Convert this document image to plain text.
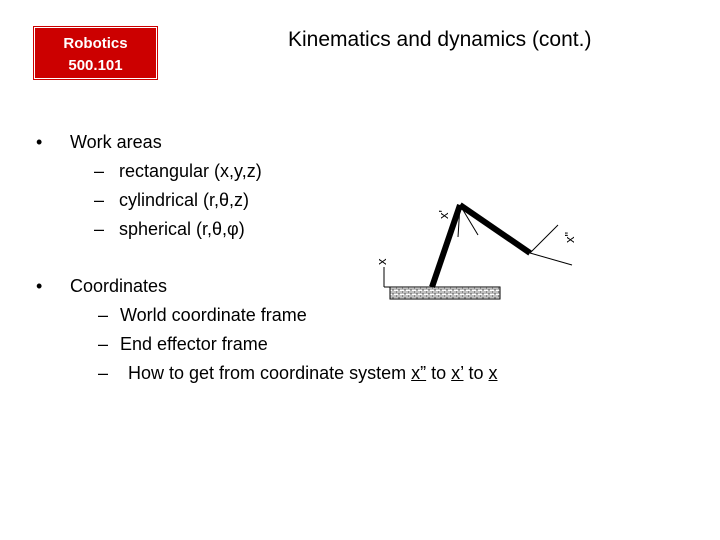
Robotics
500.101
Kinematics and dynamics (cont.)
•	Work areas
– rectangular (x,y,z)
– cylindrical (r,θ,z)
– spherical (r,θ,φ)
•	Coordinates
– World coordinate frame
– End effector frame
–	How to get from coordinate system x” to x’ to x
x
x'
x"
